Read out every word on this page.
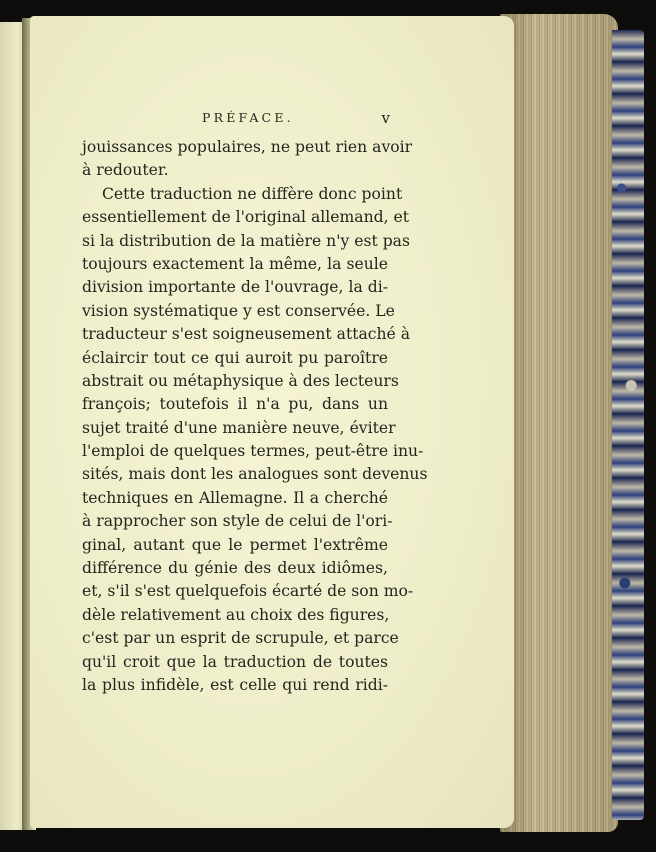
PRÉFACE.	v
jouissances populaires, ne peut rien avoir
à redouter.
Cette traduction ne diffère donc point
essentiellement de l'original allemand, et
si la distribution de la matière n'y est pas
toujours exactement la même, la seule
division importante de l'ouvrage, la di-
vision systématique y est conservée. Le
traducteur s'est soigneusement attaché à
éclaircir tout ce qui auroit pu paroître
abstrait ou métaphysique à des lecteurs
françois; toutefois il n'a pu, dans un
sujet traité d'une manière neuve, éviter
l'emploi de quelques termes, peut-être inu-
sités, mais dont les analogues sont devenus
techniques en Allemagne. Il a cherché
à rapprocher son style de celui de l'ori-
ginal, autant que le permet l'extrême
différence du génie des deux idiômes,
et, s'il s'est quelquefois écarté de son mo-
dèle relativement au choix des figures,
c'est par un esprit de scrupule, et parce
qu'il croit que la traduction de toutes
la plus infidèle, est celle qui rend ridi-
